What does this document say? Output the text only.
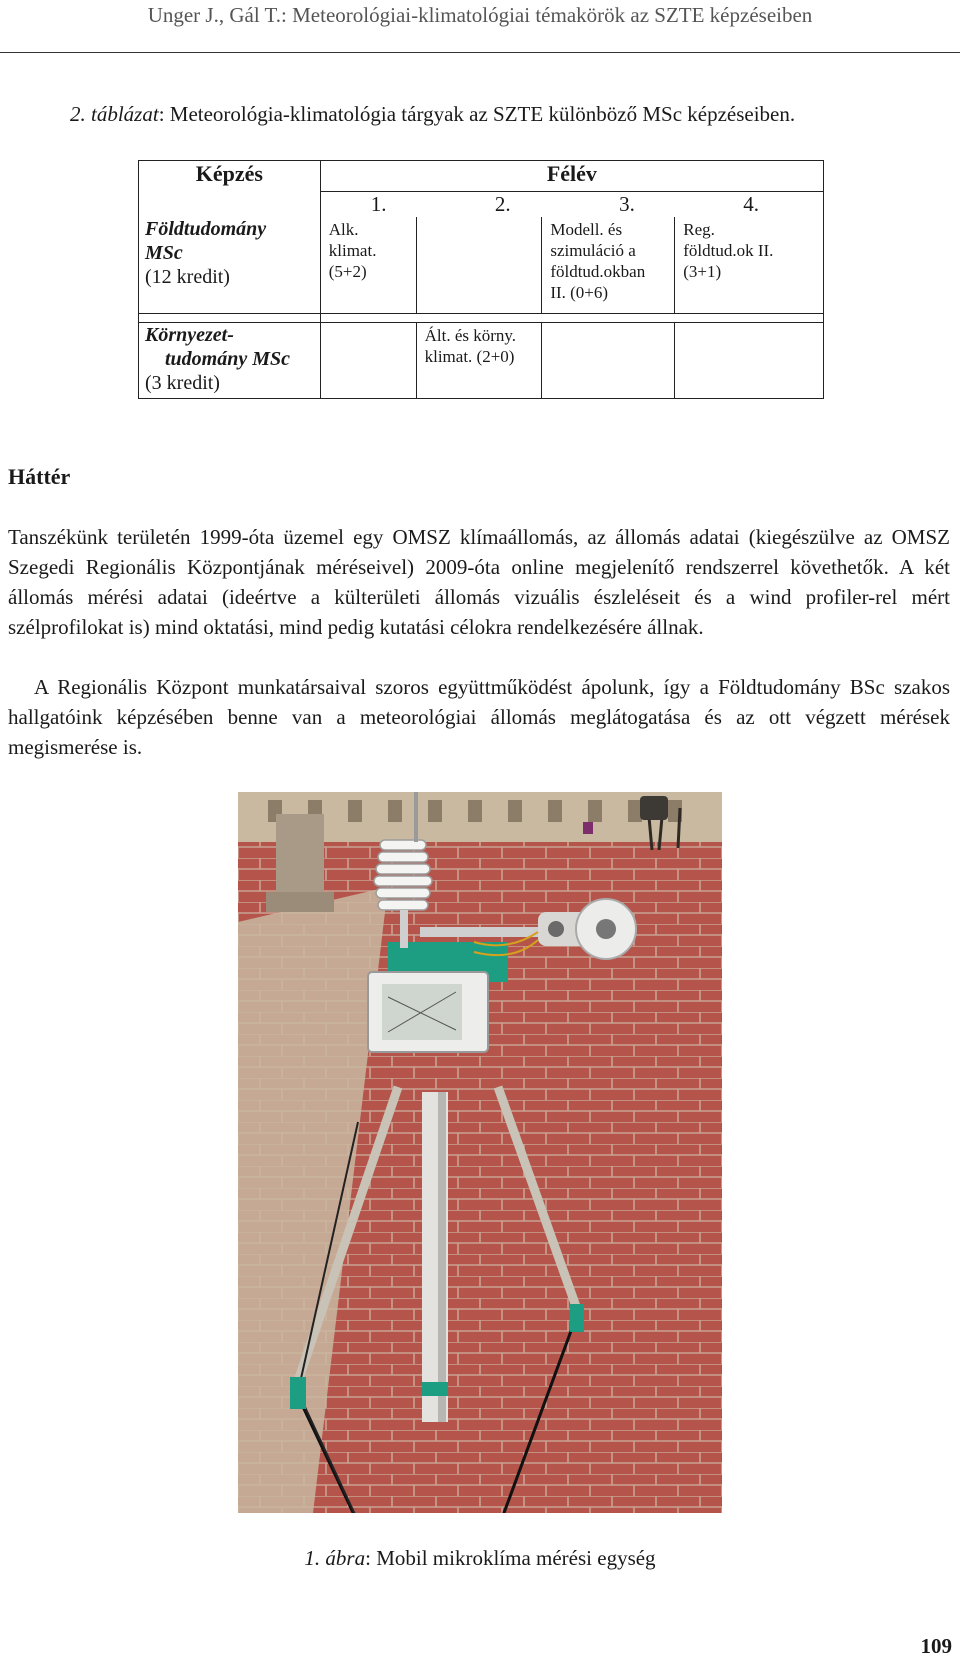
Unger J., Gál T.: Meteorológiai-klimatológiai témakörök az SZTE képzéseiben
2. táblázat: Meteorológia-klimatológia tárgyak az SZTE különböző MSc képzéseiben.
Képzés	Félév			

	1. 2. 3. 4.			

Földtudomány
MSc
(12 kredit)	Alk.
klimat.
(5+2)		Modell. és
szimuláció a
földtud.okban
II. (0+6)	Reg.
földtud.ok II.
(3+1)

Környezet-
tudomány MSc
(3 kredit)		Ált. és körny.
klimat. (2+0)		

Háttér

Tanszékünk területén 1999-óta üzemel egy OMSZ klímaállomás, az állomás adatai (kiegészülve az OMSZ Szegedi Regionális Központjának méréseivel) 2009-óta online megjelenítő rendszerrel követhetők. A két állomás mérési adatai (ideértve a külterületi állomás vizuális észleléseit és a wind profiler-rel mért szélprofilokat is) mind oktatási, mind pedig kutatási célokra rendelkezésére állnak.

A Regionális Központ munkatársaival szoros együttműködést ápolunk, így a Földtudomány BSc szakos hallgatóink képzésében benne van a meteorológiai állomás meglátogatása és az ott végzett mérések megismerése is.

1. ábra: Mobil mikroklíma mérési egység
109
